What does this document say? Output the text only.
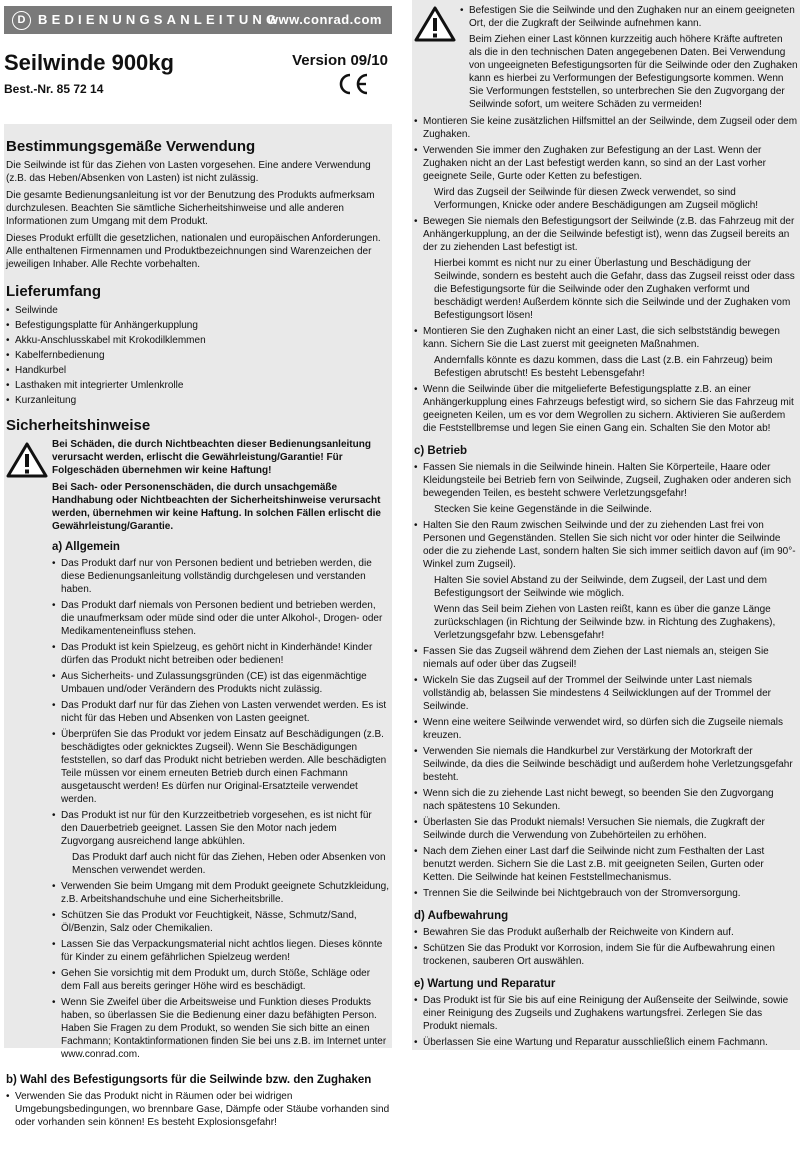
D BEDIENUNGSANLEITUNG
www.conrad.com
Seilwinde 900kg
Best.-Nr. 85 72 14
Version 09/10
Bestimmungsgemäße Verwendung

Die Seilwinde ist für das Ziehen von Lasten vorgesehen. Eine andere Verwendung (z.B. das Heben/Absenken von Lasten) ist nicht zulässig.

Die gesamte Bedienungsanleitung ist vor der Benutzung des Produkts aufmerksam durchzulesen. Beachten Sie sämtliche Sicherheitshinweise und alle anderen Informationen zum Umgang mit dem Produkt.

Dieses Produkt erfüllt die gesetzlichen, nationalen und europäischen Anforderungen. Alle enthaltenen Firmennamen und Produktbezeichnungen sind Warenzeichen der jeweiligen Inhaber. Alle Rechte vorbehalten.

Lieferumfang
• Seilwinde
• Befestigungsplatte für Anhängerkupplung
• Akku-Anschlusskabel mit Krokodilklemmen
• Kabelfernbedienung
• Handkurbel
• Lasthaken mit integrierter Umlenkrolle
• Kurzanleitung
Sicherheitshinweise

Bei Schäden, die durch Nichtbeachten dieser Bedienungsanleitung verursacht werden, erlischt die Gewährleistung/Garantie! Für Folgeschäden übernehmen wir keine Haftung!

Bei Sach- oder Personenschäden, die durch unsachgemäße Handhabung oder Nichtbeachten der Sicherheitshinweise verursacht werden, übernehmen wir keine Haftung. In solchen Fällen erlischt die Gewährleistung/Garantie.

a) Allgemein
• Das Produkt darf nur von Personen bedient und betrieben werden, die diese Bedienungsanleitung vollständig durchgelesen und verstanden haben.
• Das Produkt darf niemals von Personen bedient und betrieben werden, die unaufmerksam oder müde sind oder die unter Alkohol-, Drogen- oder Medikamenteneinfluss stehen.
• Das Produkt ist kein Spielzeug, es gehört nicht in Kinderhände! Kinder dürfen das Produkt nicht betreiben oder bedienen!
• Aus Sicherheits- und Zulassungsgründen (CE) ist das eigenmächtige Umbauen und/oder Verändern des Produkts nicht zulässig.
• Das Produkt darf nur für das Ziehen von Lasten verwendet werden. Es ist nicht für das Heben und Absenken von Lasten geeignet.
• Überprüfen Sie das Produkt vor jedem Einsatz auf Beschädigungen (z.B. beschädigtes oder geknicktes Zugseil). Wenn Sie Beschädigungen feststellen, so darf das Produkt nicht betrieben werden. Alle beschädigten Teile müssen vor einem erneuten Betrieb durch einen Fachmann ausgetauscht werden! Es dürfen nur Original-Ersatzteile verwendet werden.
• Das Produkt ist nur für den Kurzzeitbetrieb vorgesehen, es ist nicht für den Dauerbetrieb geeignet. Lassen Sie den Motor nach jedem Zugvorgang ausreichend lange abkühlen.
Das Produkt darf auch nicht für das Ziehen, Heben oder Absenken von Menschen verwendet werden.
• Verwenden Sie beim Umgang mit dem Produkt geeignete Schutzkleidung, z.B. Arbeitshandschuhe und eine Sicherheitsbrille.
• Schützen Sie das Produkt vor Feuchtigkeit, Nässe, Schmutz/Sand, Öl/Benzin, Salz oder Chemikalien.
• Lassen Sie das Verpackungsmaterial nicht achtlos liegen. Dieses könnte für Kinder zu einem gefährlichen Spielzeug werden!
• Gehen Sie vorsichtig mit dem Produkt um, durch Stöße, Schläge oder dem Fall aus bereits geringer Höhe wird es beschädigt.
• Wenn Sie Zweifel über die Arbeitsweise und Funktion dieses Produkts haben, so überlassen Sie die Bedienung einer dazu befähigten Person. Haben Sie Fragen zu dem Produkt, so wenden Sie sich bitte an einen Fachmann; Kontaktinformationen finden Sie bei uns z.B. im Internet unter www.conrad.com.
b) Wahl des Befestigungsorts für die Seilwinde bzw. den Zughaken
• Verwenden Sie das Produkt nicht in Räumen oder bei widrigen Umgebungsbedingungen, wo brennbare Gase, Dämpfe oder Stäube vorhanden sind oder vorhanden sein können! Es besteht Explosionsgefahr!
• Befestigen Sie die Seilwinde und den Zughaken nur an einem geeigneten Ort, der die Zugkraft der Seilwinde aufnehmen kann.

Beim Ziehen einer Last können kurzzeitig auch höhere Kräfte auftreten als die in den technischen Daten angegebenen Daten. Bei Verwendung von ungeeigneten Befestigungsorten für die Seilwinde oder den Zughaken kann es hierbei zu Verformungen der Befestigungsorte kommen. Wenn Sie Verformungen feststellen, so unterbrechen Sie den Zugvorgang der Seilwinde sofort, um weitere Schäden zu vermeiden!

• Montieren Sie keine zusätzlichen Hilfsmittel an der Seilwinde, dem Zugseil oder dem Zughaken.
• Verwenden Sie immer den Zughaken zur Befestigung an der Last. Wenn der Zughaken nicht an der Last befestigt werden kann, so sind an der Last vorher geeignete Seile, Gurte oder Ketten zu befestigen.
Wird das Zugseil der Seilwinde für diesen Zweck verwendet, so sind Verformungen, Knicke oder andere Beschädigungen am Zugseil möglich!
• Bewegen Sie niemals den Befestigungsort der Seilwinde (z.B. das Fahrzeug mit der Anhängerkupplung, an der die Seilwinde befestigt ist), wenn das Zugseil bereits an der zu ziehenden Last befestigt ist.
Hierbei kommt es nicht nur zu einer Überlastung und Beschädigung der Seilwinde, sondern es besteht auch die Gefahr, dass das Zugseil reisst oder dass die Befestigungsorte für die Seilwinde oder den Zughaken verformt und beschädigt werden! Außerdem könnte sich die Seilwinde und der Zughaken vom Befestigungsort lösen!
• Montieren Sie den Zughaken nicht an einer Last, die sich selbstständig bewegen kann. Sichern Sie die Last zuerst mit geeigneten Maßnahmen.
Andernfalls könnte es dazu kommen, dass die Last (z.B. ein Fahrzeug) beim Befestigen abrutscht! Es besteht Lebensgefahr!
• Wenn die Seilwinde über die mitgelieferte Befestigungsplatte z.B. an einer Anhängerkupplung eines Fahrzeugs befestigt wird, so sichern Sie das Fahrzeug mit geeigneten Keilen, um es vor dem Wegrollen zu sichern. Aktivieren Sie außerdem die Feststellbremse und legen Sie einen Gang ein. Schalten Sie den Motor ab!
c) Betrieb
• Fassen Sie niemals in die Seilwinde hinein. Halten Sie Körperteile, Haare oder Kleidungsteile bei Betrieb fern von Seilwinde, Zugseil, Zughaken oder anderen sich bewegenden Teilen, es besteht schwere Verletzungsgefahr!
Stecken Sie keine Gegenstände in die Seilwinde.
• Halten Sie den Raum zwischen Seilwinde und der zu ziehenden Last frei von Personen und Gegenständen. Stellen Sie sich nicht vor oder hinter die Seilwinde oder die zu ziehende Last, sondern halten Sie sich immer seitlich davon auf (im 90°-Winkel zum Zugseil).
Halten Sie soviel Abstand zu der Seilwinde, dem Zugseil, der Last und dem Befestigungsort der Seilwinde wie möglich.
Wenn das Seil beim Ziehen von Lasten reißt, kann es über die ganze Länge zurückschlagen (in Richtung der Seilwinde bzw. in Richtung des Zughakens), Verletzungsgefahr bzw. Lebensgefahr!
• Fassen Sie das Zugseil während dem Ziehen der Last niemals an, steigen Sie niemals auf oder über das Zugseil!
• Wickeln Sie das Zugseil auf der Trommel der Seilwinde unter Last niemals vollständig ab, belassen Sie mindestens 4 Seilwicklungen auf der Trommel der Seilwinde.
• Wenn eine weitere Seilwinde verwendet wird, so dürfen sich die Zugseile niemals kreuzen.
• Verwenden Sie niemals die Handkurbel zur Verstärkung der Motorkraft der Seilwinde, da dies die Seilwinde beschädigt und außerdem hohe Verletzungsgefahr besteht.
• Wenn sich die zu ziehende Last nicht bewegt, so beenden Sie den Zugvorgang nach spätestens 10 Sekunden.
• Überlasten Sie das Produkt niemals! Versuchen Sie niemals, die Zugkraft der Seilwinde durch die Verwendung von Zubehörteilen zu erhöhen.
• Nach dem Ziehen einer Last darf die Seilwinde nicht zum Festhalten der Last benutzt werden. Sichern Sie die Last z.B. mit geeigneten Seilen, Gurten oder Ketten. Die Seilwinde hat keinen Feststellmechanismus.
• Trennen Sie die Seilwinde bei Nichtgebrauch von der Stromversorgung.
d) Aufbewahrung
• Bewahren Sie das Produkt außerhalb der Reichweite von Kindern auf.
• Schützen Sie das Produkt vor Korrosion, indem Sie für die Aufbewahrung einen trockenen, sauberen Ort auswählen.
e) Wartung und Reparatur
• Das Produkt ist für Sie bis auf eine Reinigung der Außenseite der Seilwinde, sowie einer Reinigung des Zugseils und Zughakens wartungsfrei. Zerlegen Sie das Produkt niemals.
• Überlassen Sie eine Wartung und Reparatur ausschließlich einem Fachmann.
